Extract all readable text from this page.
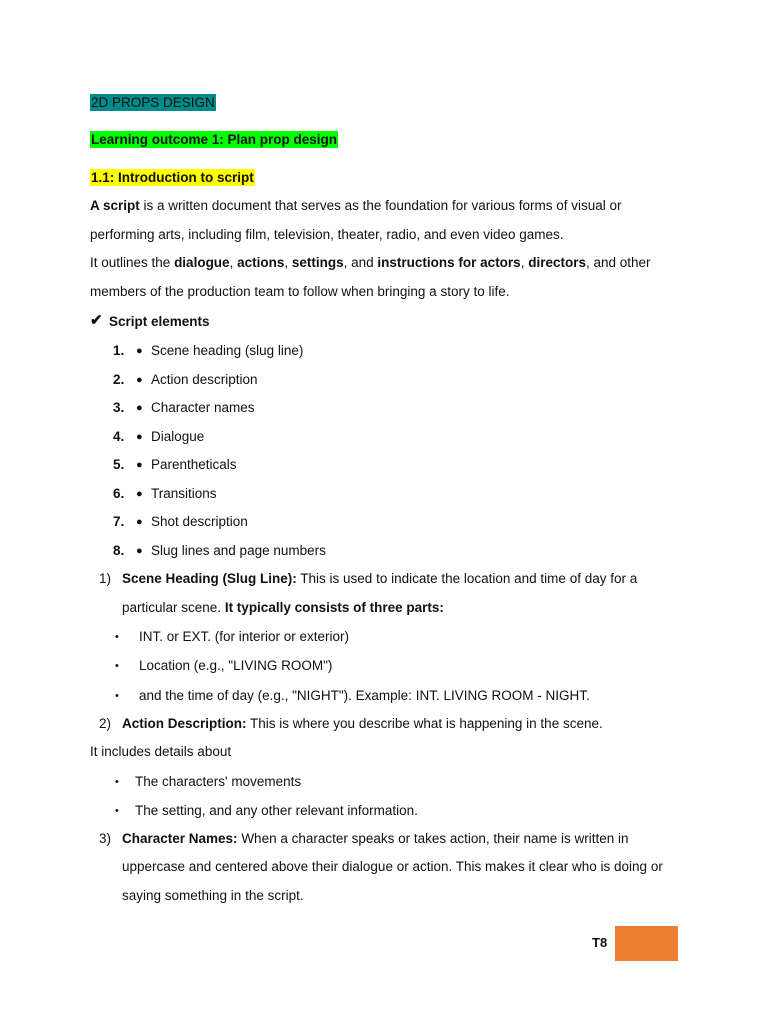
2D PROPS DESIGN
Learning outcome 1: Plan prop design
1.1: Introduction to script
A script is a written document that serves as the foundation for various forms of visual or
performing arts, including film, television, theater, radio, and even video games.
It outlines the dialogue, actions, settings, and instructions for actors, directors, and other
members of the production team to follow when bringing a story to life.
✔ Script elements
1.	● Scene heading (slug line)
2.	● Action description
3.	● Character names
4.	● Dialogue
5.	● Parentheticals
6.	● Transitions
7.	● Shot description
8.	● Slug lines and page numbers
1) Scene Heading (Slug Line): This is used to indicate the location and time of day for a
particular scene. It typically consists of three parts:
• INT. or EXT. (for interior or exterior)
• Location (e.g., "LIVING ROOM")
• and the time of day (e.g., "NIGHT"). Example: INT. LIVING ROOM - NIGHT.
2) Action Description: This is where you describe what is happening in the scene.
It includes details about
• The characters' movements
• The setting, and any other relevant information.
3) Character Names: When a character speaks or takes action, their name is written in
uppercase and centered above their dialogue or action. This makes it clear who is doing or
saying something in the script.
T8
